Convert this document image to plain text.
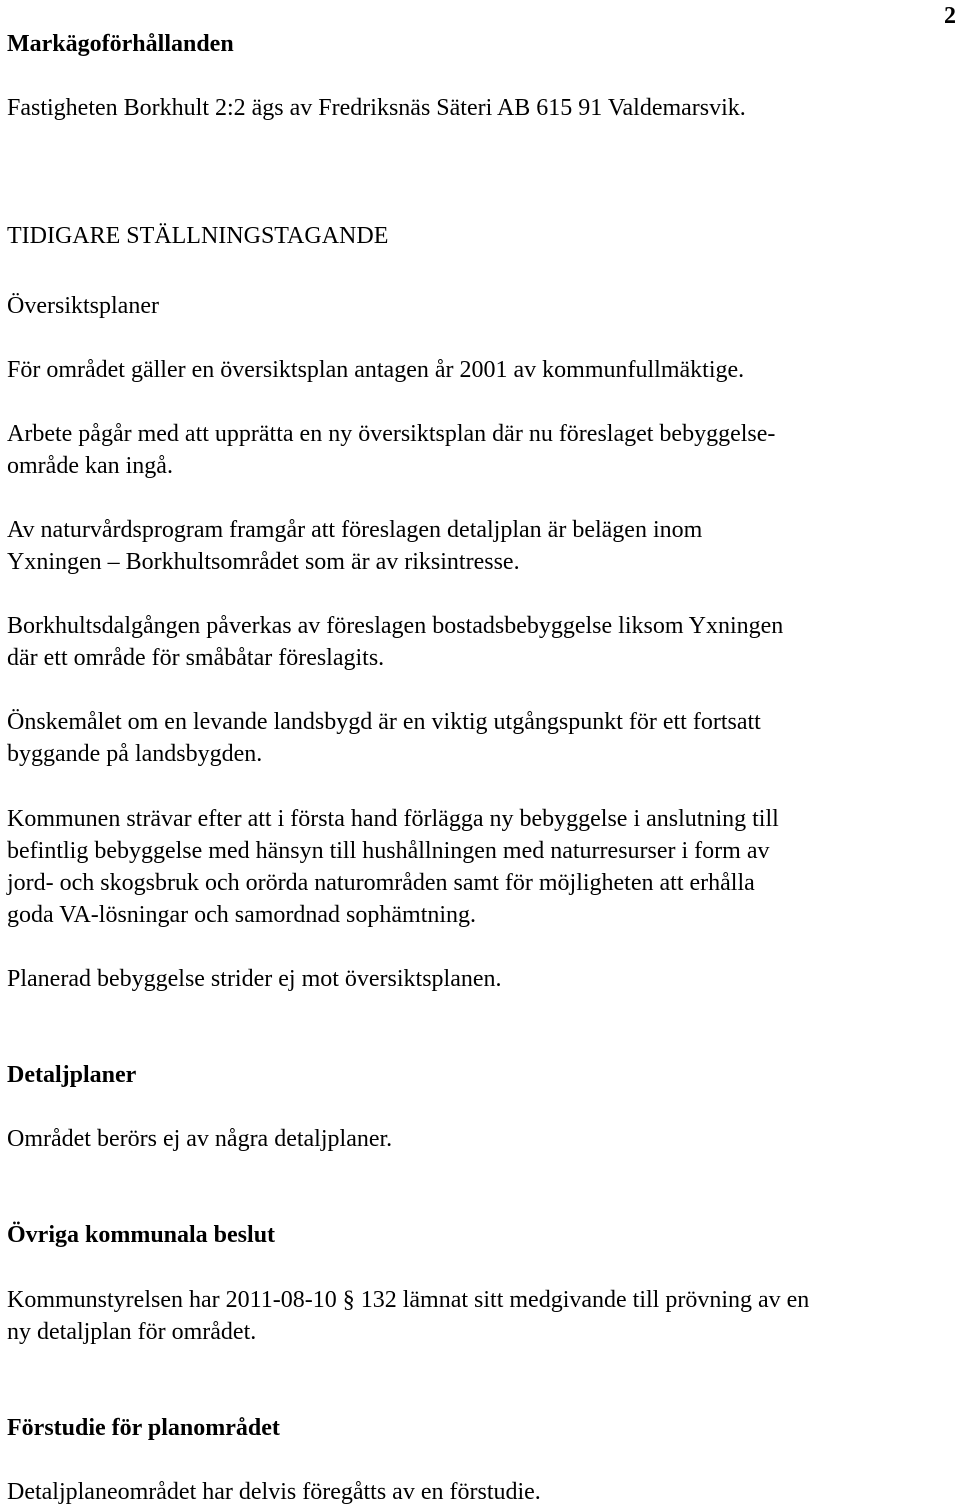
2
Markägoförhållanden

Fastigheten Borkhult 2:2 ägs av Fredriksnäs Säteri AB 615 91 Valdemarsvik.

TIDIGARE STÄLLNINGSTAGANDE
Översiktsplaner

För området gäller en översiktsplan antagen år 2001 av kommunfullmäktige.

Arbete pågår med att upprätta en ny översiktsplan där nu föreslaget bebyggelse-

område kan ingå.

Av naturvårdsprogram framgår att föreslagen detaljplan är belägen inom

Yxningen – Borkhultsområdet som är av riksintresse.

Borkhultsdalgången påverkas av föreslagen bostadsbebyggelse liksom Yxningen

där ett område för småbåtar föreslagits.

Önskemålet om en levande landsbygd är en viktig utgångspunkt för ett fortsatt

byggande på landsbygden.

Kommunen strävar efter att i första hand förlägga ny bebyggelse i anslutning till

befintlig bebyggelse med hänsyn till hushållningen med naturresurser i form av

jord- och skogsbruk och orörda naturområden samt för möjligheten att erhålla

goda VA-lösningar och samordnad sophämtning.

Planerad bebyggelse strider ej mot översiktsplanen.

Detaljplaner

Området berörs ej av några detaljplaner.

Övriga kommunala beslut

Kommunstyrelsen har 2011-08-10 § 132 lämnat sitt medgivande till prövning av en

ny detaljplan för området.

Förstudie för planområdet

Detaljplaneområdet har delvis föregåtts av en förstudie.
